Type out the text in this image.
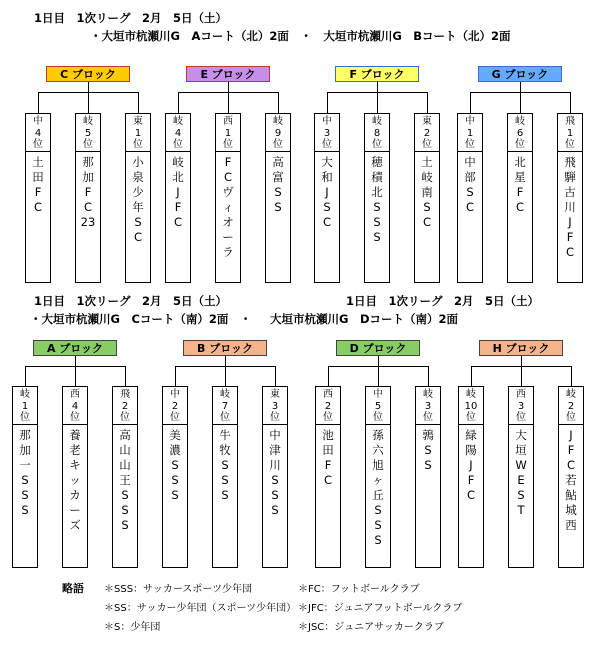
1日目　1次リーグ　2月　5日（土）
・大垣市杭瀬川G　Aコート（北）2面　・　大垣市杭瀬川G　Bコート（北）2面
1日目　1次リーグ　2月　5日（土）
・大垣市杭瀬川G　Cコート（南）2面　・
1日目　1次リーグ　2月　5日（土）
大垣市杭瀬川G　Dコート（南）2面
C ブロック
中
4
位
土
田
F
C
岐
5
位
那
加
F
C
23
東
1
位
小
泉
少
年
S
C
E ブロック
岐
4
位
岐
北
J
F
C
西
1
位
F
C
ヴ
ィ
オ
ー
ラ
岐
9
位
高
富
S
S
F ブロック
中
3
位
大
和
J
S
C
岐
8
位
穂
積
北
S
S
S
東
2
位
土
岐
南
S
C
G ブロック
中
1
位
中
部
S
C
岐
6
位
北
星
F
C
飛
1
位
飛
騨
古
川
J
F
C
A ブロック
岐
1
位
那
加
一
S
S
S
西
4
位
養
老
キ
ッ
カ
ー
ズ
飛
2
位
高
山
山
王
S
S
S
B ブロック
中
2
位
美
濃
S
S
S
岐
7
位
牛
牧
S
S
S
東
3
位
中
津
川
S
S
S
D ブロック
西
2
位
池
田
F
C
中
5
位
孫
六
旭
ヶ
丘
S
S
S
岐
3
位
鶉
S
S
H ブロック
岐
10
位
緑
陽
J
F
C
西
3
位
大
垣
W
E
S
T
岐
2
位
J
F
C
若
鮎
城
西
略語 ＊SSS：サッカースポーツ少年団
＊SS：サッカー少年団（スポーツ少年団）
＊S：少年団
＊FC：フットボールクラブ
＊JFC：ジュニアフットボールクラブ
＊JSC：ジュニアサッカークラブ
